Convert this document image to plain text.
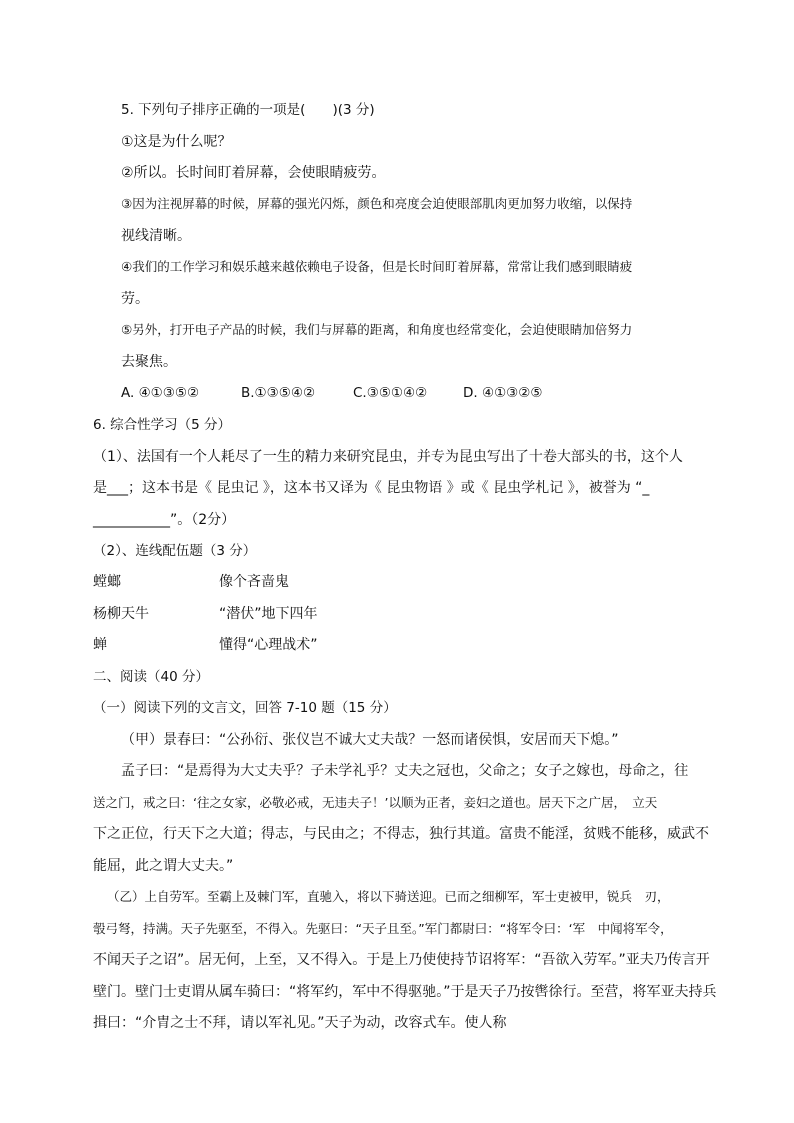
5. 下列句子排序正确的一项是(　　)(3 分)
①这是为什么呢？
②所以。长时间盯着屏幕，会使眼睛疲劳。
③因为注视屏幕的时候，屏幕的强光闪烁，颜色和亮度会迫使眼部肌肉更加努力收缩，以保持
视线清晰。
④我们的工作学习和娱乐越来越依赖电子设备，但是长时间盯着屏幕，常常让我们感到眼睛疲
劳。
⑤另外，打开电子产品的时候，我们与屏幕的距离，和角度也经常变化，会迫使眼睛加倍努力
去聚焦。
A. ④①③⑤②	B.①③⑤④②	C.③⑤①④②	D. ④①③②⑤
6. 综合性学习（5 分）
（1）、法国有一个人耗尽了一生的精力来研究昆虫，并专为昆虫写出了十卷大部头的书，这个人
是___；这本书是《 昆虫记 》，这本书又译为《 昆虫物语 》或《 昆虫学札记 》，被誉为 “_
___________”。（2分）
（2）、连线配伍题（3 分）
螳螂	像个吝啬鬼
杨柳天牛	“潜伏”地下四年
蝉	懂得“心理战术”
二、阅读（40 分）
（一）阅读下列的文言文，回答 7-10 题（15 分）
（甲）景春曰：“公孙衍、张仪岂不诚大丈夫哉？一怒而诸侯惧，安居而天下熄。”
孟子曰：“是焉得为大丈夫乎？子未学礼乎？丈夫之冠也，父命之；女子之嫁也，母命之，往
送之门，戒之曰：‘往之女家，必敬必戒，无违夫子！’以顺为正者，妾妇之道也。居天下之广居，　立天
下之正位，行天下之大道；得志，与民由之；不得志，独行其道。富贵不能淫，贫贱不能移，威武不
能屈，此之谓大丈夫。”
（乙）上自劳军。至霸上及棘门军，直驰入，将以下骑送迎。已而之细柳军，军士吏被甲，锐兵　刃，
彀弓弩，持满。天子先驱至，不得入。先驱曰：“天子且至。”军门都尉曰：“将军令曰：‘军　中闻将军令，
不闻天子之诏”。居无何，上至，又不得入。于是上乃使使持节诏将军：“吾欲入劳军。”亚夫乃传言开
壁门。壁门士吏谓从属车骑曰：“将军约，军中不得驱驰。”于是天子乃按辔徐行。至营，将军亚夫持兵
揖曰：“介胄之士不拜，请以军礼见。”天子为动，改容式车。使人称
